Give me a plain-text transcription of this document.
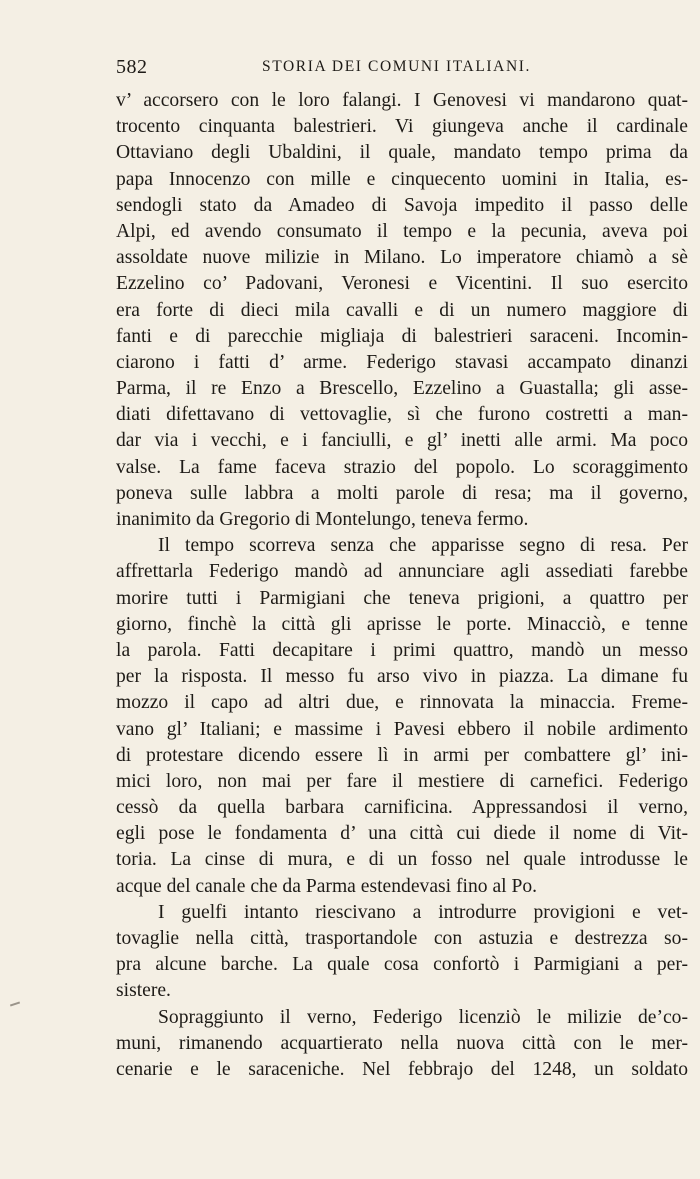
582	STORIA DEI COMUNI ITALIANI.
v’ accorsero con le loro falangi. I Genovesi vi mandarono quat-
trocento cinquanta balestrieri. Vi giungeva anche il cardinale
Ottaviano degli Ubaldini, il quale, mandato tempo prima da
papa Innocenzo con mille e cinquecento uomini in Italia, es-
sendogli stato da Amadeo di Savoja impedito il passo delle
Alpi, ed avendo consumato il tempo e la pecunia, aveva poi
assoldate nuove milizie in Milano. Lo imperatore chiamò a sè
Ezzelino co’ Padovani, Veronesi e Vicentini. Il suo esercito
era forte di dieci mila cavalli e di un numero maggiore di
fanti e di parecchie migliaja di balestrieri saraceni. Incomin-
ciarono i fatti d’ arme. Federigo stavasi accampato dinanzi
Parma, il re Enzo a Brescello, Ezzelino a Guastalla; gli asse-
diati difettavano di vettovaglie, sì che furono costretti a man-
dar via i vecchi, e i fanciulli, e gl’ inetti alle armi. Ma poco
valse. La fame faceva strazio del popolo. Lo scoraggimento
poneva sulle labbra a molti parole di resa; ma il governo,
inanimito da Gregorio di Montelungo, teneva fermo.
Il tempo scorreva senza che apparisse segno di resa. Per
affrettarla Federigo mandò ad annunciare agli assediati farebbe
morire tutti i Parmigiani che teneva prigioni, a quattro per
giorno, finchè la città gli aprisse le porte. Minacciò, e tenne
la parola. Fatti decapitare i primi quattro, mandò un messo
per la risposta. Il messo fu arso vivo in piazza. La dimane fu
mozzo il capo ad altri due, e rinnovata la minaccia. Freme-
vano gl’ Italiani; e massime i Pavesi ebbero il nobile ardimento
di protestare dicendo essere lì in armi per combattere gl’ ini-
mici loro, non mai per fare il mestiere di carnefici. Federigo
cessò da quella barbara carnificina. Appressandosi il verno,
egli pose le fondamenta d’ una città cui diede il nome di Vit-
toria. La cinse di mura, e di un fosso nel quale introdusse le
acque del canale che da Parma estendevasi fino al Po.
I guelfi intanto riescivano a introdurre provigioni e vet-
tovaglie nella città, trasportandole con astuzia e destrezza so-
pra alcune barche. La quale cosa confortò i Parmigiani a per-
sistere.
Sopraggiunto il verno, Federigo licenziò le milizie de’co-
muni, rimanendo acquartierato nella nuova città con le mer-
cenarie e le saraceniche. Nel febbrajo del 1248, un soldato
